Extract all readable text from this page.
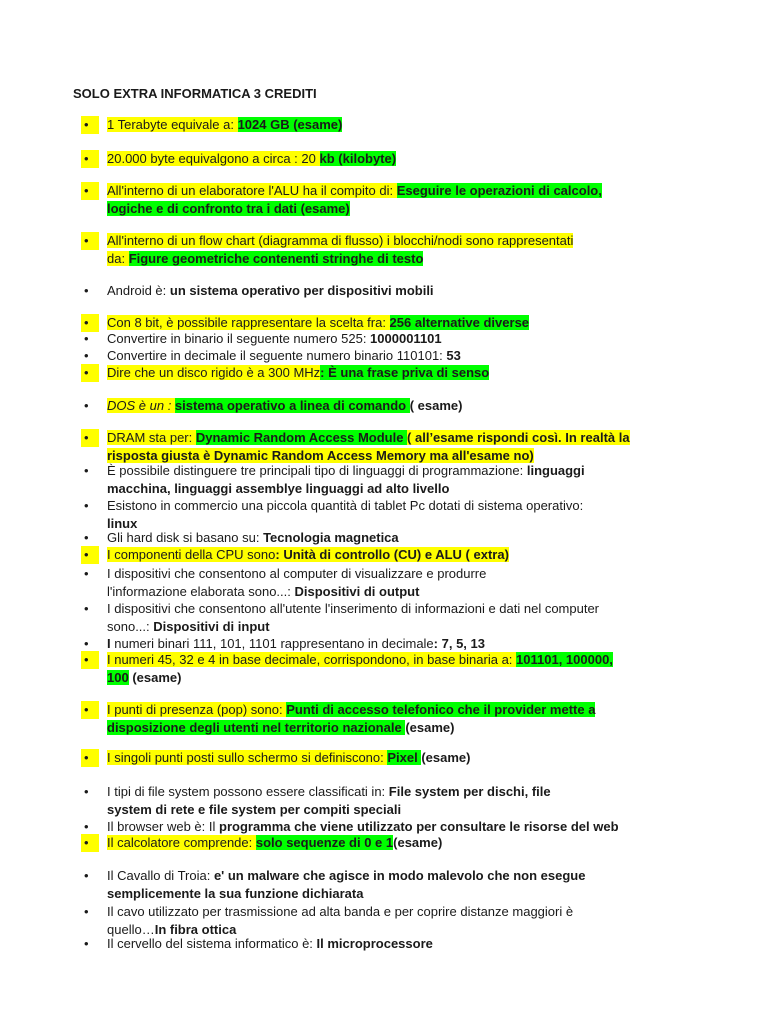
SOLO EXTRA INFORMATICA 3 CREDITI
•	1 Terabyte equivale a: 1024 GB (esame)
•	20.000 byte equivalgono a circa : 20 kb (kilobyte)
•	All'interno di un elaboratore l'ALU ha il compito di: Eseguire le operazioni di calcolo,
logiche e di confronto tra i dati (esame)
•	All'interno di un flow chart (diagramma di flusso) i blocchi/nodi sono rappresentati
da: Figure geometriche contenenti stringhe di testo
• Android è: un sistema operativo per dispositivi mobili
•	Con 8 bit, è possibile rappresentare la scelta fra: 256 alternative diverse
• Convertire in binario il seguente numero 525: 1000001101
• Convertire in decimale il seguente numero binario 110101: 53
•	Dire che un disco rigido è a 300 MHz: È una frase priva di senso
• DOS è un : sistema operativo a linea di comando ( esame)
•	DRAM sta per: Dynamic Random Access Module ( all’esame rispondi così. In realtà la
risposta giusta è Dynamic Random Access Memory ma all'esame no)
• È possibile distinguere tre principali tipo di linguaggi di programmazione: linguaggi
macchina, linguaggi assemblye linguaggi ad alto livello
• Esistono in commercio una piccola quantità di tablet Pc dotati di sistema operativo:
linux
• Gli hard disk si basano su: Tecnologia magnetica
•	I componenti della CPU sono: Unità di controllo (CU) e ALU ( extra)
• I dispositivi che consentono al computer di visualizzare e produrre
l'informazione elaborata sono...: Dispositivi di output
• I dispositivi che consentono all'utente l'inserimento di informazioni e dati nel computer
sono...: Dispositivi di input
• I numeri binari 111, 101, 1101 rappresentano in decimale: 7, 5, 13
•	I numeri 45, 32 e 4 in base decimale, corrispondono, in base binaria a: 101101, 100000,
100 (esame)
•	I punti di presenza (pop) sono: Punti di accesso telefonico che il provider mette a
disposizione degli utenti nel territorio nazionale (esame)
•	I singoli punti posti sullo schermo si definiscono: Pixel (esame)
• I tipi di file system possono essere classificati in: File system per dischi, file
system di rete e file system per compiti speciali
• Il browser web è: Il programma che viene utilizzato per consultare le risorse del web
•	Il calcolatore comprende: solo sequenze di 0 e 1(esame)
• Il Cavallo di Troia: e' un malware che agisce in modo malevolo che non esegue
semplicemente la sua funzione dichiarata
• Il cavo utilizzato per trasmissione ad alta banda e per coprire distanze maggiori è
quello…In fibra ottica
• Il cervello del sistema informatico è: Il microprocessore
